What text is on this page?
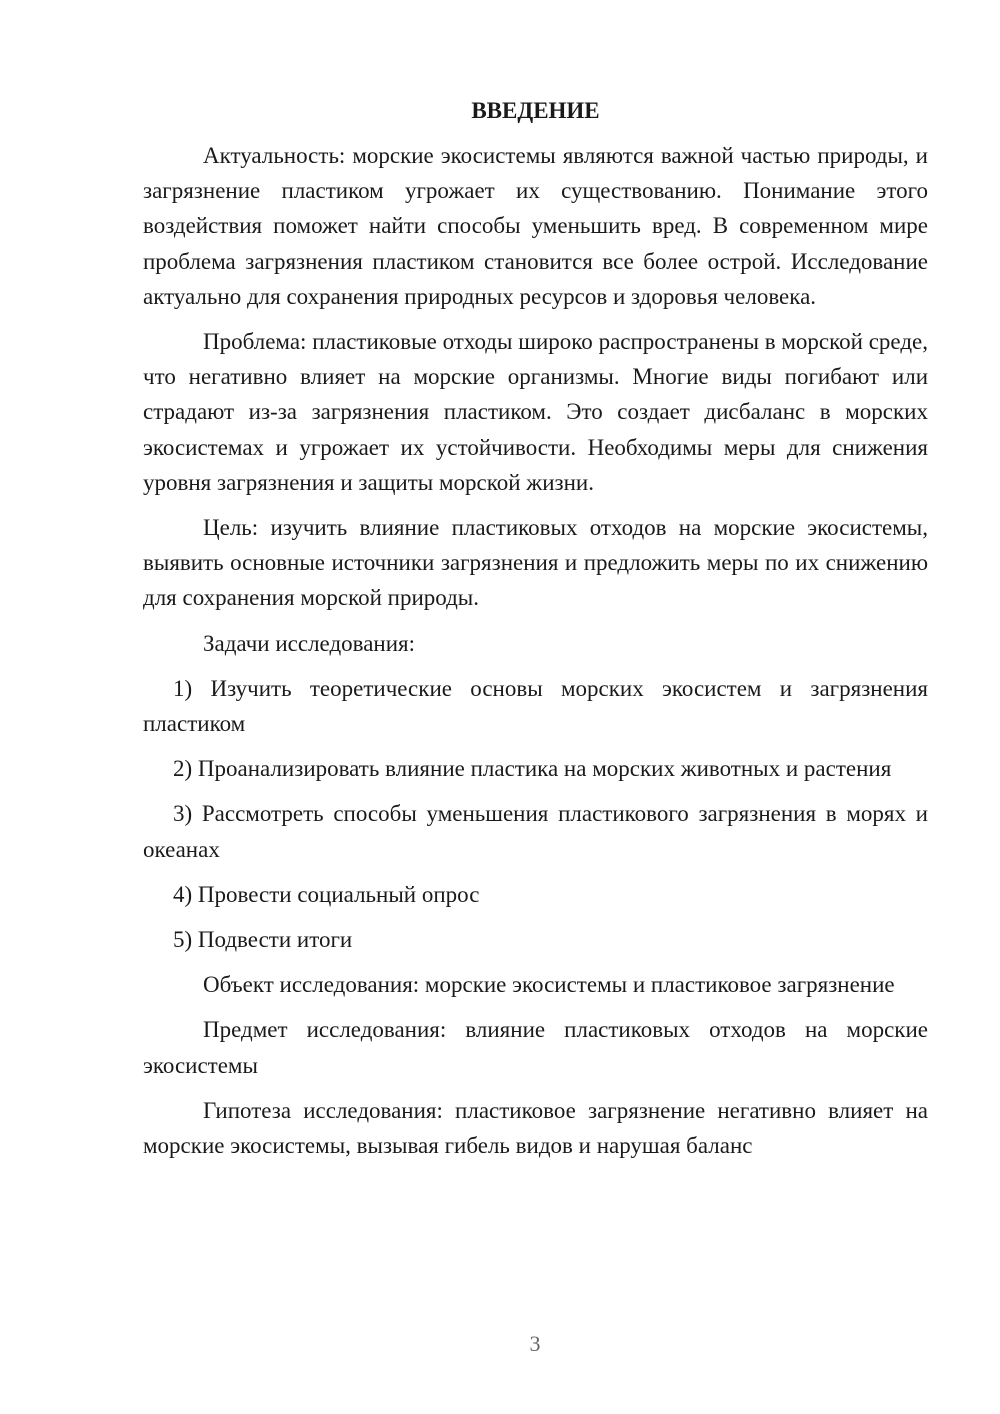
ВВЕДЕНИЕ

Актуальность: морские экосистемы являются важной частью природы, и загрязнение пластиком угрожает их существованию. Понимание этого воздействия поможет найти способы уменьшить вред. В современном мире проблема загрязнения пластиком становится все более острой. Исследование актуально для сохранения природных ресурсов и здоровья человека.

Проблема: пластиковые отходы широко распространены в морской среде, что негативно влияет на морские организмы. Многие виды погибают или страдают из-за загрязнения пластиком. Это создает дисбаланс в морских экосистемах и угрожает их устойчивости. Необходимы меры для снижения уровня загрязнения и защиты морской жизни.

Цель: изучить влияние пластиковых отходов на морские экосистемы, выявить основные источники загрязнения и предложить меры по их снижению для сохранения морской природы.

Задачи исследования:

1) Изучить теоретические основы морских экосистем и загрязнения пластиком

2) Проанализировать влияние пластика на морских животных и растения

3) Рассмотреть способы уменьшения пластикового загрязнения в морях и океанах

4) Провести социальный опрос

5) Подвести итоги

Объект исследования: морские экосистемы и пластиковое загрязнение

Предмет исследования: влияние пластиковых отходов на морские экосистемы

Гипотеза исследования: пластиковое загрязнение негативно влияет на морские экосистемы, вызывая гибель видов и нарушая баланс

3
